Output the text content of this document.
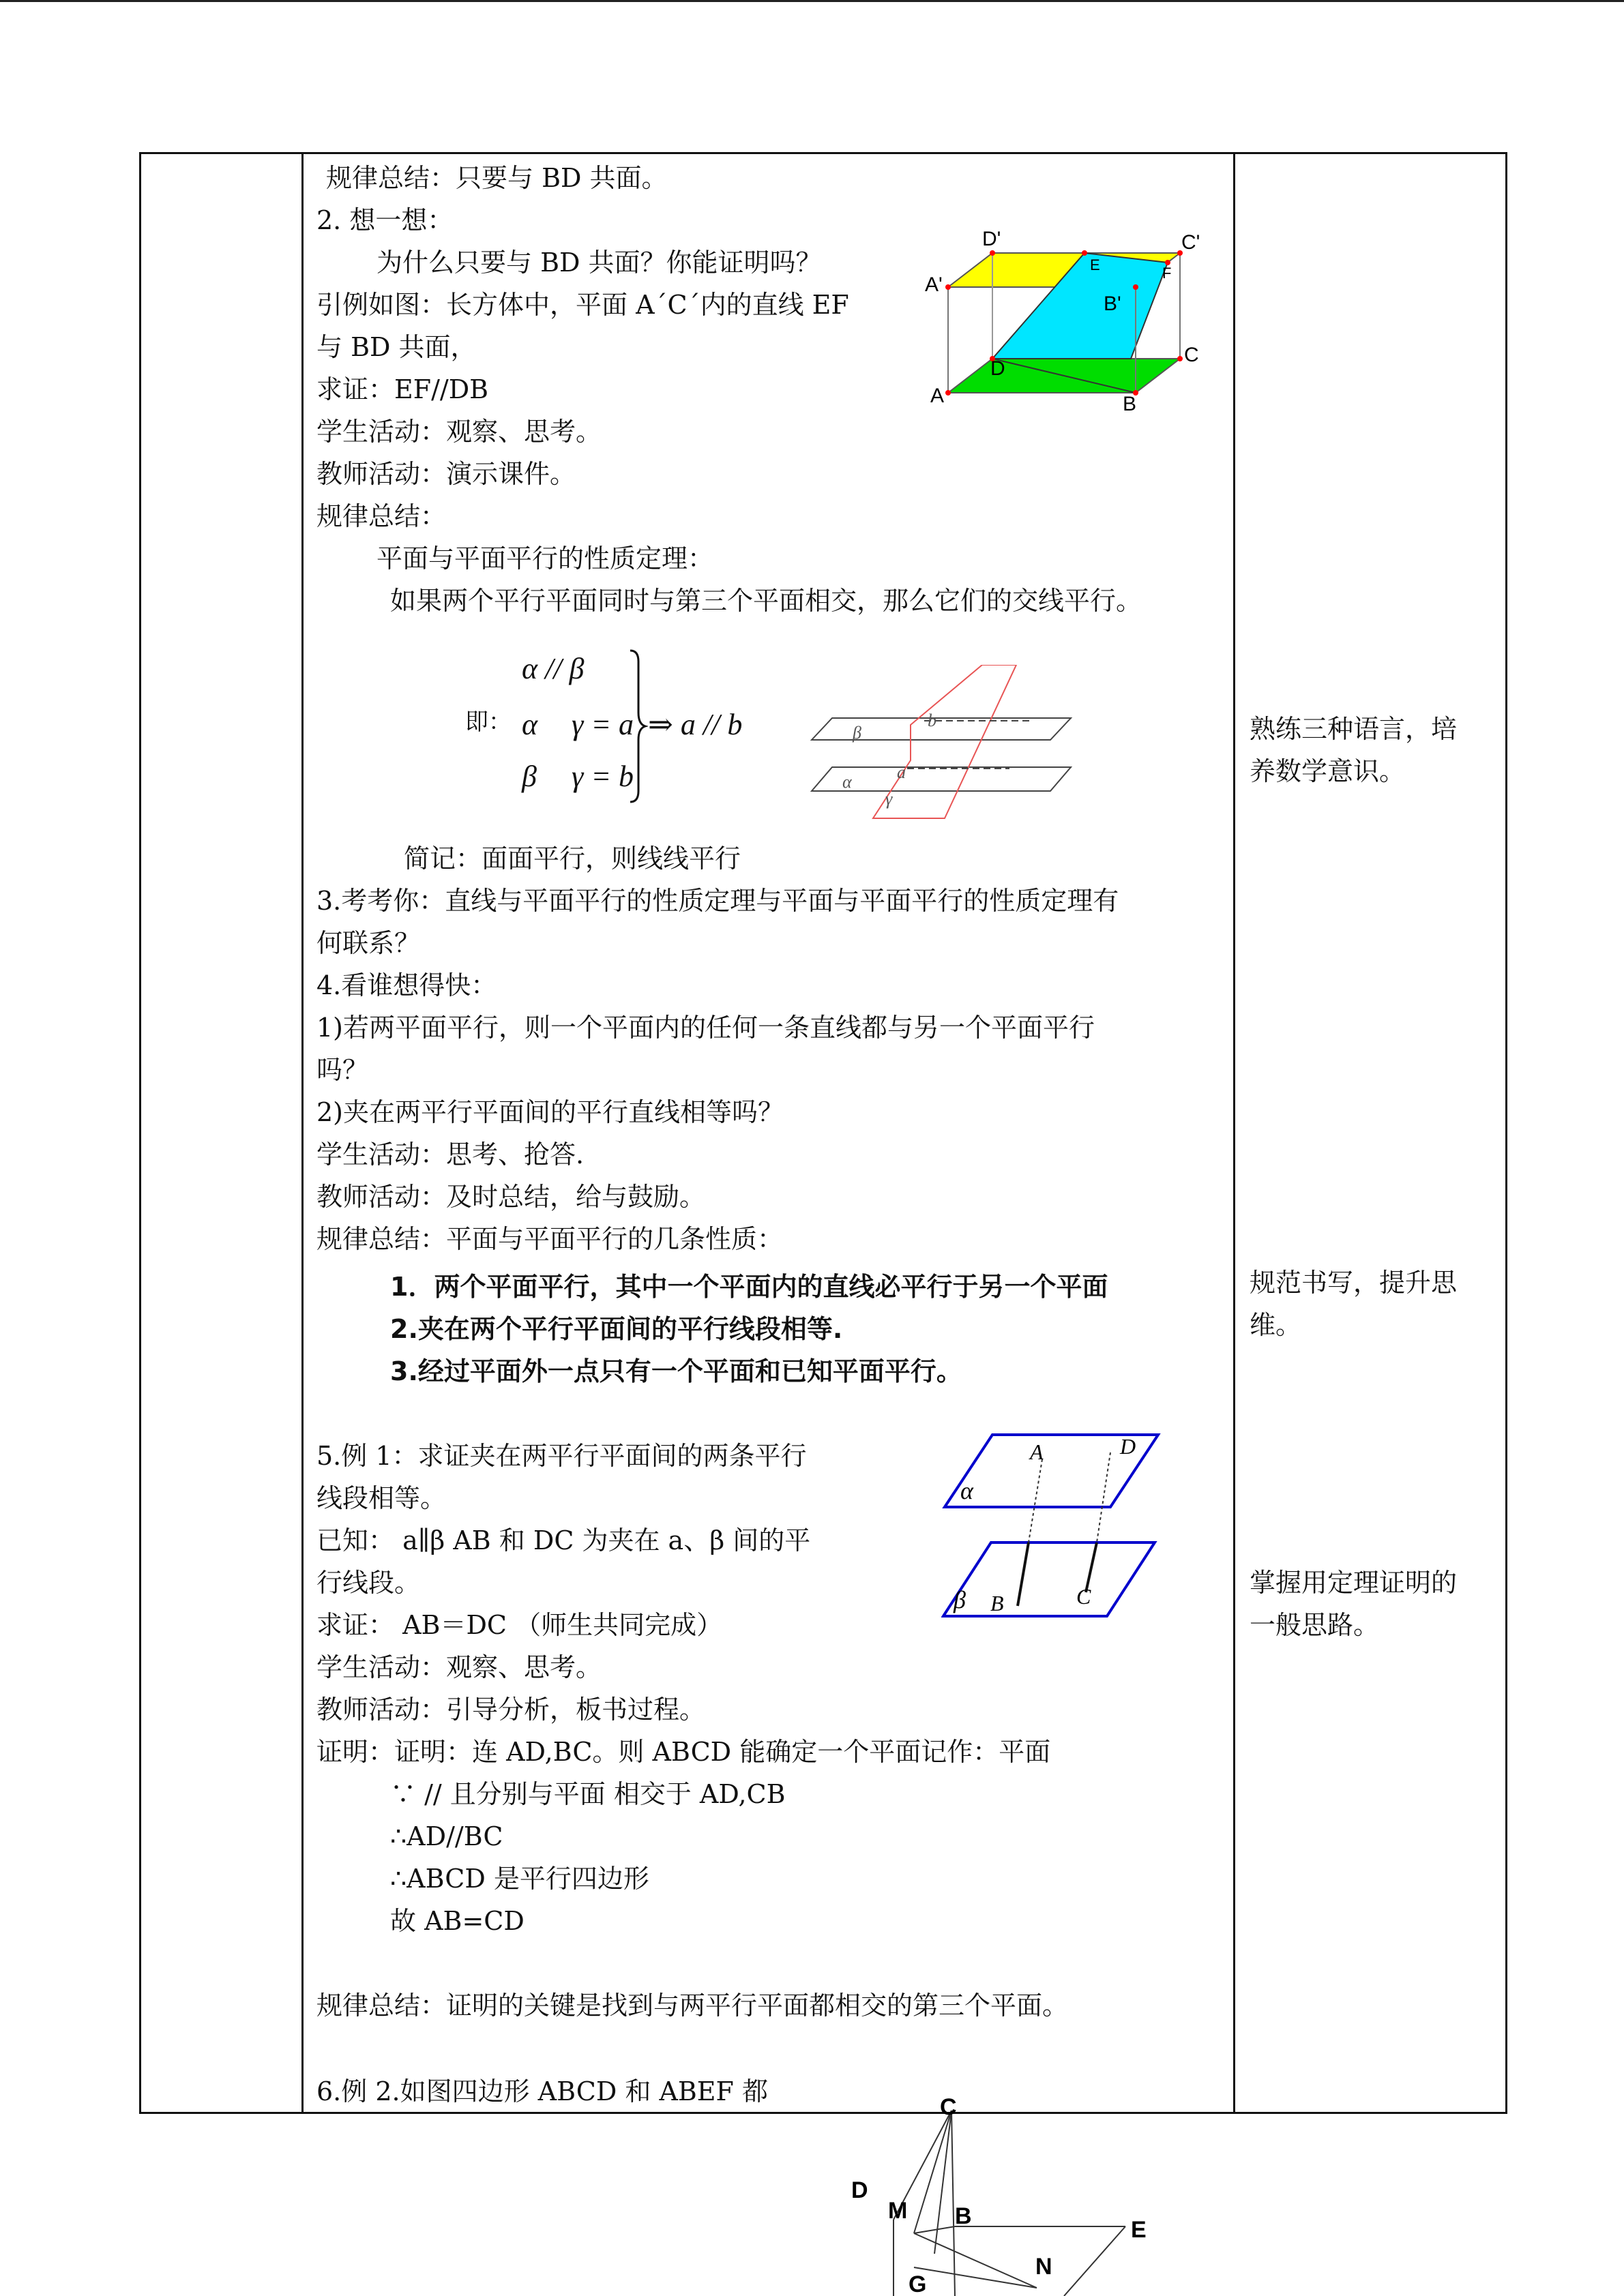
规律总结：只要与 BD 共面。
2. 想一想：
为什么只要与 BD 共面？你能证明吗？
引例如图：长方体中，平面 A´C´内的直线 EF
与 BD 共面，
求证：EF//DB
学生活动：观察、思考。
教师活动：演示课件。
规律总结：
平面与平面平行的性质定理：
如果两个平行平面同时与第三个平面相交，那么它们的交线平行。
即：
α // β
α γ = a
β γ = b
⇒ a // b
简记：面面平行，则线线平行
3.考考你：直线与平面平行的性质定理与平面与平面平行的性质定理有
何联系？
4.看谁想得快：
1)若两平面平行，则一个平面内的任何一条直线都与另一个平面平行
吗？
2)夹在两平行平面间的平行直线相等吗？
学生活动：思考、抢答.
教师活动：及时总结，给与鼓励。
规律总结：平面与平面平行的几条性质：
1．两个平面平行，其中一个平面内的直线必平行于另一个平面
2.夹在两个平行平面间的平行线段相等.
3.经过平面外一点只有一个平面和已知平面平行。
5.例 1：求证夹在两平行平面间的两条平行
线段相等。
已知： a∥β AB 和 DC 为夹在 a、β 间的平
行线段。
求证： AB＝DC （师生共同完成）
学生活动：观察、思考。
教师活动：引导分析，板书过程。
证明：证明：连 AD,BC。则 ABCD 能确定一个平面记作：平面
∵ // 且分别与平面 相交于 AD,CB
∴AD//BC
∴ABCD 是平行四边形
故 AB=CD
规律总结：证明的关键是找到与两平行平面都相交的第三个平面。
6.例 2.如图四边形 ABCD 和 ABEF 都
熟练三种语言，培养数学意识。
规范书写，提升思维。
掌握用定理证明的一般思路。
D'	C'
A'
B'
E	F
D
C
A	B
β
b
α	a
γ
A	D
α
β B	C
C
D
M B
E
N
G
